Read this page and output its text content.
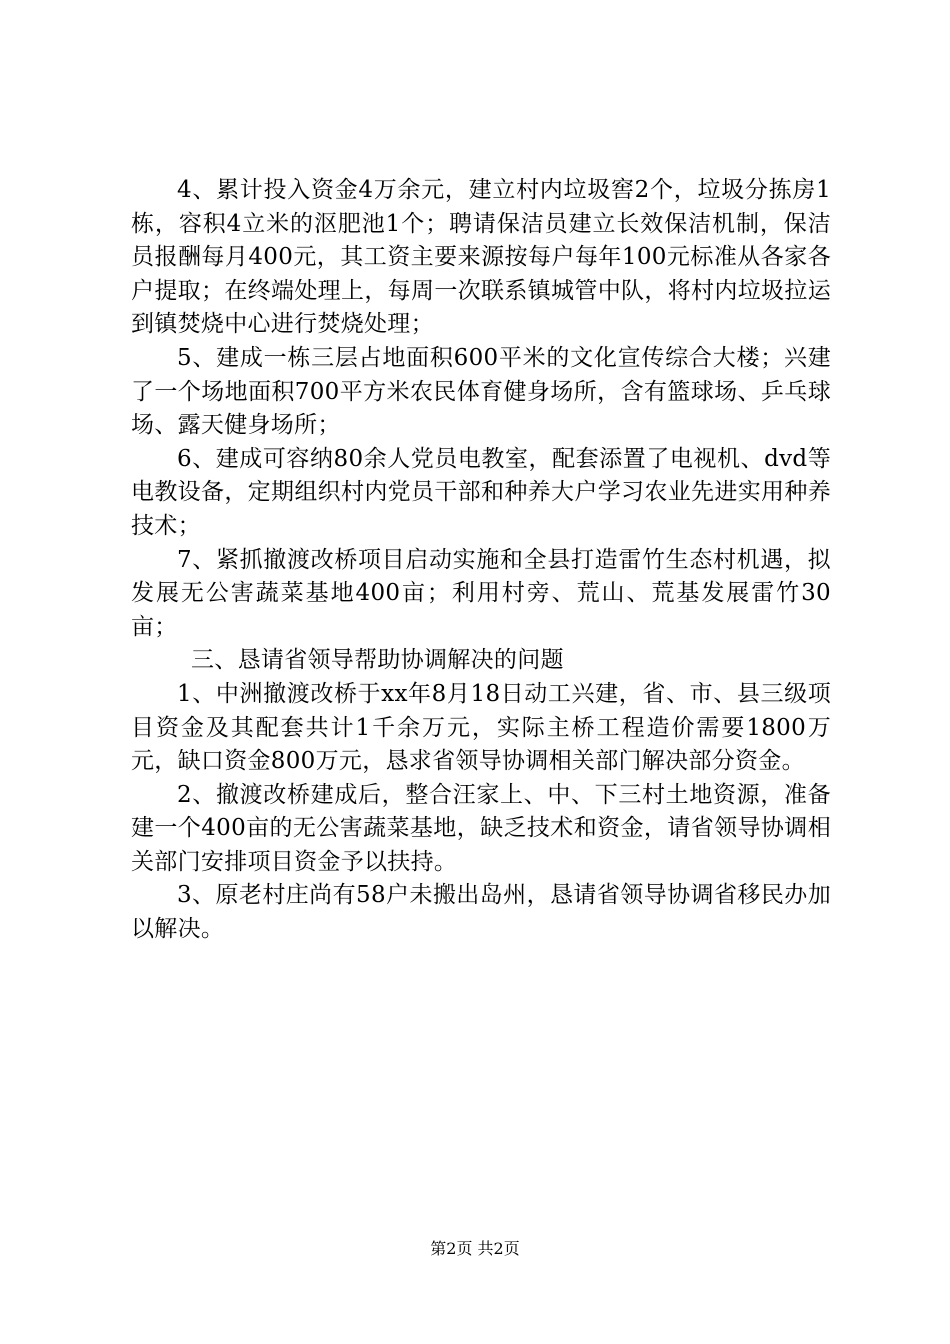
4、累计投入资金4万余元，建立村内垃圾窖2个，垃圾分拣房1栋，容积4立米的沤肥池1个；聘请保洁员建立长效保洁机制，保洁员报酬每月400元，其工资主要来源按每户每年100元标准从各家各户提取；在终端处理上，每周一次联系镇城管中队，将村内垃圾拉运到镇焚烧中心进行焚烧处理；

5、建成一栋三层占地面积600平米的文化宣传综合大楼；兴建了一个场地面积700平方米农民体育健身场所，含有篮球场、乒乓球场、露天健身场所；

6、建成可容纳80余人党员电教室，配套添置了电视机、dvd等电教设备，定期组织村内党员干部和种养大户学习农业先进实用种养技术；

7、紧抓撤渡改桥项目启动实施和全县打造雷竹生态村机遇，拟发展无公害蔬菜基地400亩；利用村旁、荒山、荒基发展雷竹30亩；

三、恳请省领导帮助协调解决的问题

1、中洲撤渡改桥于xx年8月18日动工兴建，省、市、县三级项目资金及其配套共计1千余万元，实际主桥工程造价需要1800万元，缺口资金800万元，恳求省领导协调相关部门解决部分资金。

2、撤渡改桥建成后，整合汪家上、中、下三村土地资源，准备建一个400亩的无公害蔬菜基地，缺乏技术和资金，请省领导协调相关部门安排项目资金予以扶持。

3、原老村庄尚有58户未搬出岛州，恳请省领导协调省移民办加以解决。

第2页 共2页
